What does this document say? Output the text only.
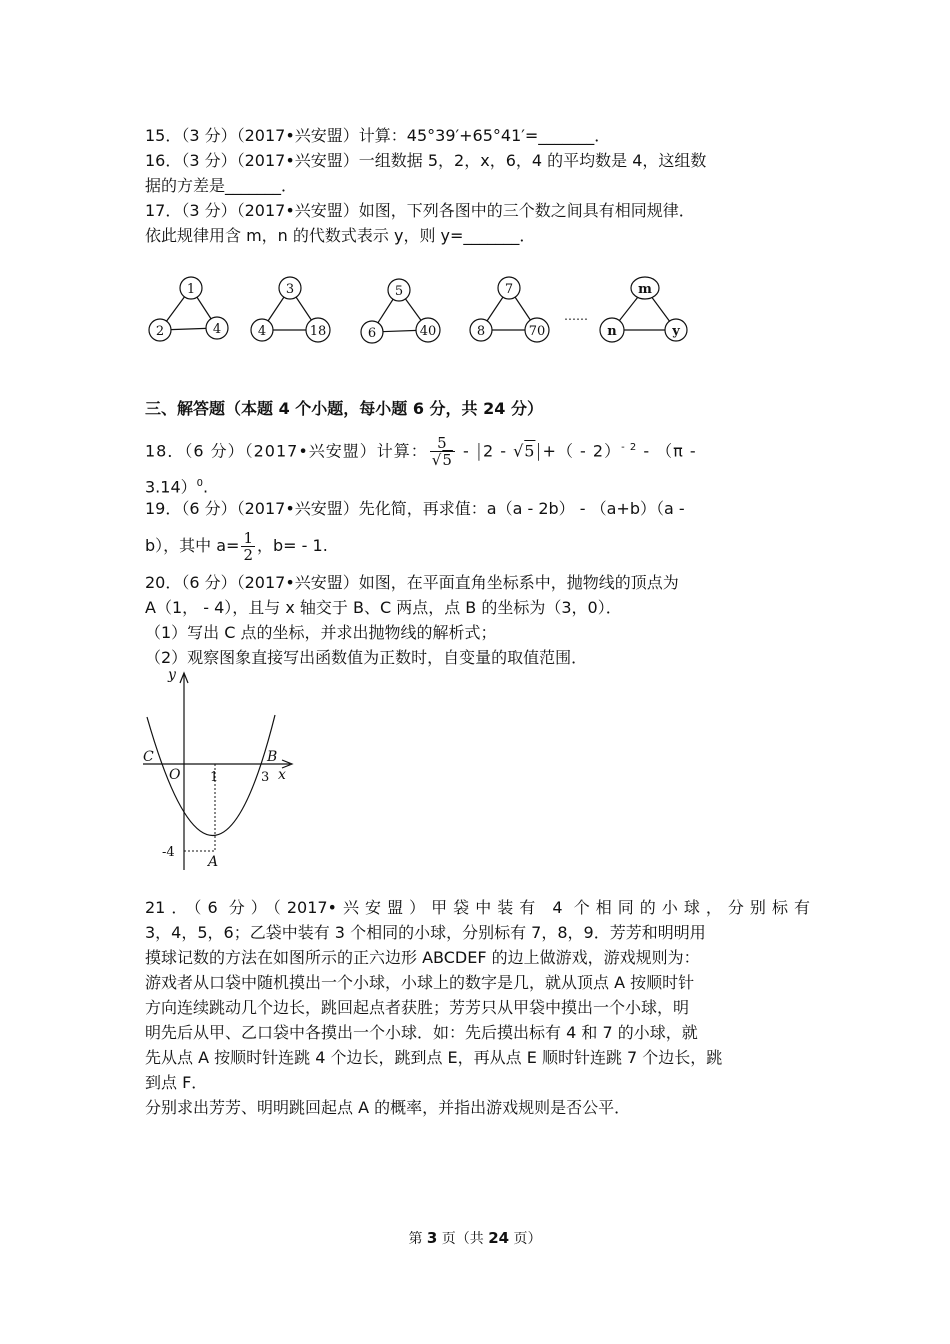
15．（3 分）（2017•兴安盟）计算：45°39′+65°41′=_______．
16．（3 分）（2017•兴安盟）一组数据 5，2，x，6，4 的平均数是 4，这组数
据的方差是_______．
17．（3 分）（2017•兴安盟）如图，下列各图中的三个数之间具有相同规律．
依此规律用含 m，n 的代数式表示 y，则 y=_______．
1
2	4
3
4	18
5
6	40
7
8	70
m
n	y
……
三、解答题（本题 4 个小题，每小题 6 分，共 24 分）
18．（6 分）（2017•兴安盟）计算： $\frac{5}{√5} - |2 - √5|+( - 2)^{- 2} - (\pi$ -
3.14）$^0$.
19．（6 分）（2017•兴安盟）先化简，再求值：a（a - 2b） - （a+b）（a -
b），其中 $a= \frac{1}{2}$ ，b= - 1.
20．（6 分）（2017•兴安盟）如图，在平面直角坐标系中，抛物线的顶点为
A（1， - 4），且与 x 轴交于 B、C 两点，点 B 的坐标为（3，0）．
（1）写出 C 点的坐标，并求出抛物线的解析式；
（2）观察图象直接写出函数值为正数时，自变量的取值范围．
y
x
C
O
B
A
1	3
-4
21．（6 分）（2017•兴安盟）甲袋中装有 4 个相同的小球，分别标有
3，4，5，6；乙袋中装有 3 个相同的小球，分别标有 7，8，9．芳芳和明明用
摸球记数的方法在如图所示的正六边形 ABCDEF 的边上做游戏，游戏规则为：
游戏者从口袋中随机摸出一个小球，小球上的数字是几，就从顶点 A 按顺时针
方向连续跳动几个边长，跳回起点者获胜；芳芳只从甲袋中摸出一个小球，明
明先后从甲、乙口袋中各摸出一个小球．如：先后摸出标有 4 和 7 的小球，就
先从点 A 按顺时针连跳 4 个边长，跳到点 E，再从点 E 顺时针连跳 7 个边长，跳
到点 F．
分别求出芳芳、明明跳回起点 A 的概率，并指出游戏规则是否公平．
第 3 页（共 24 页）
